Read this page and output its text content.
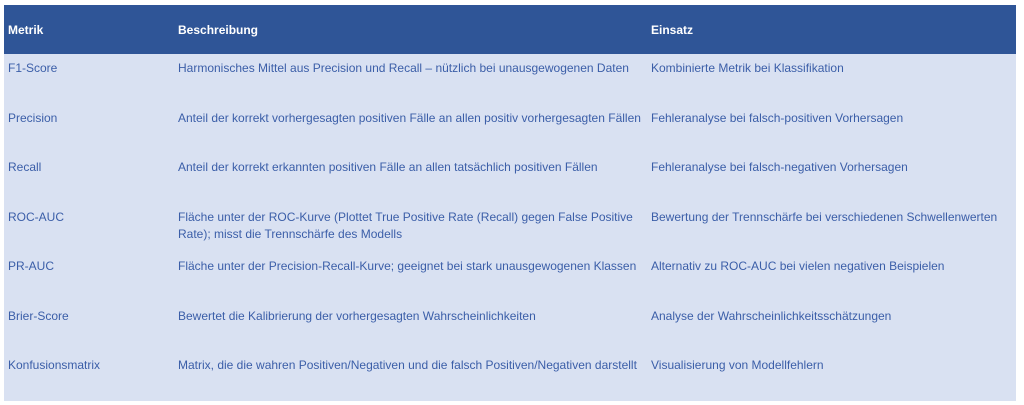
Metrik	Beschreibung	Einsatz
F1-Score	Harmonisches Mittel aus Precision und Recall – nützlich bei unausgewogenen Daten	Kombinierte Metrik bei Klassifikation
Precision	Anteil der korrekt vorhergesagten positiven Fälle an allen positiv vorhergesagten Fällen	Fehleranalyse bei falsch-positiven Vorhersagen
Recall	Anteil der korrekt erkannten positiven Fälle an allen tatsächlich positiven Fällen	Fehleranalyse bei falsch-negativen Vorhersagen
ROC-AUC	Fläche unter der ROC-Kurve (Plottet True Positive Rate (Recall) gegen False Positive Rate); misst die Trennschärfe des Modells	Bewertung der Trennschärfe bei verschiedenen Schwellenwerten
PR-AUC	Fläche unter der Precision-Recall-Kurve; geeignet bei stark unausgewogenen Klassen	Alternativ zu ROC-AUC bei vielen negativen Beispielen
Brier-Score	Bewertet die Kalibrierung der vorhergesagten Wahrscheinlichkeiten	Analyse der Wahrscheinlichkeitsschätzungen
Konfusionsmatrix	Matrix, die die wahren Positiven/Negativen und die falsch Positiven/Negativen darstellt	Visualisierung von Modellfehlern
